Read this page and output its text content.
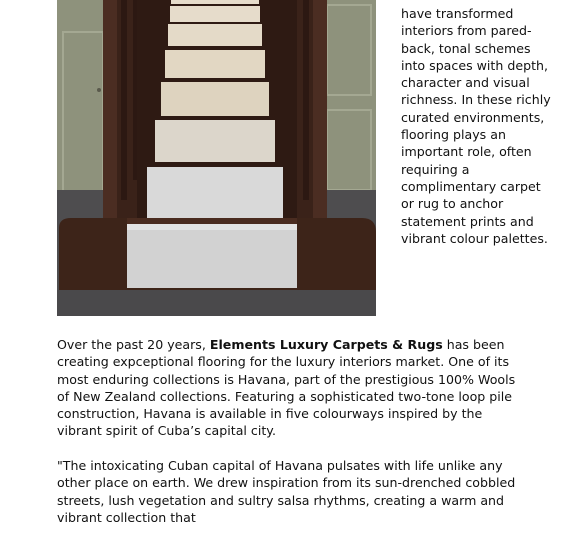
have transformed interiors from pared-back, tonal schemes into spaces with depth, character and visual richness. In these richly curated environments, flooring plays an important role, often requiring a complimentary carpet or rug to anchor statement prints and vibrant colour palettes.

Over the past 20 years, Elements Luxury Carpets & Rugs has been creating expceptional flooring for the luxury interiors market. One of its most enduring collections is Havana, part of the prestigious 100% Wools of New Zealand collections. Featuring a sophisticated two-tone loop pile construction, Havana is available in five colourways inspired by the vibrant spirit of Cuba’s capital city.

"The intoxicating Cuban capital of Havana pulsates with life unlike any other place on earth. We drew inspiration from its sun-drenched cobbled streets, lush vegetation and sultry salsa rhythms, creating a warm and vibrant collection that
